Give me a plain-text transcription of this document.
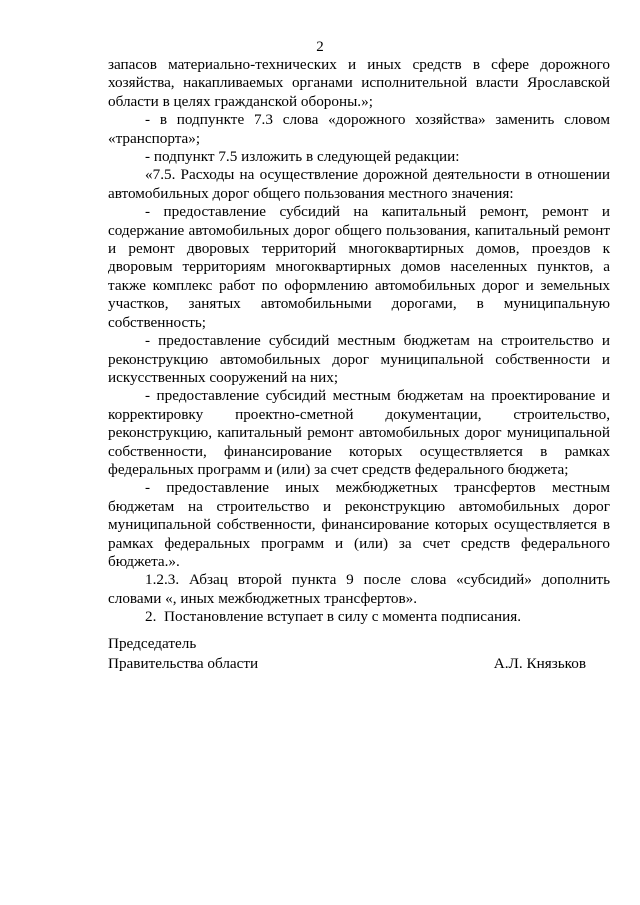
2

запасов материально-технических и иных средств в сфере дорожного хозяйства, накапливаемых органами исполнительной власти Ярославской области в целях гражданской обороны.»;

- в подпункте 7.3 слова «дорожного хозяйства» заменить словом «транспорта»;

- подпункт 7.5 изложить в следующей редакции:

«7.5. Расходы на осуществление дорожной деятельности в отношении автомобильных дорог общего пользования местного значения:

- предоставление субсидий на капитальный ремонт, ремонт и содержание автомобильных дорог общего пользования, капитальный ремонт и ремонт дворовых территорий многоквартирных домов, проездов к дворовым территориям многоквартирных домов населенных пунктов, а также комплекс работ по оформлению автомобильных дорог и земельных участков, занятых автомобильными дорогами, в муниципальную собственность;

- предоставление субсидий местным бюджетам на строительство и реконструкцию автомобильных дорог муниципальной собственности и искусственных сооружений на них;

- предоставление субсидий местным бюджетам на проектирование и корректировку проектно-сметной документации, строительство, реконструкцию, капитальный ремонт автомобильных дорог муниципальной собственности, финансирование которых осуществляется в рамках федеральных программ и (или) за счет средств федерального бюджета;

- предоставление иных межбюджетных трансфертов местным бюджетам на строительство и реконструкцию автомобильных дорог муниципальной собственности, финансирование которых осуществляется в рамках федеральных программ и (или) за счет средств федерального бюджета.».

1.2.3. Абзац второй пункта 9 после слова «субсидий» дополнить словами «, иных межбюджетных трансфертов».

2.  Постановление вступает в силу с момента подписания.

Председатель
Правительства области	А.Л. Князьков
